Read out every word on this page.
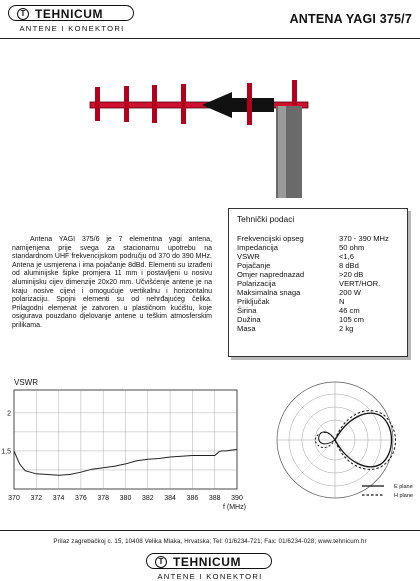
T TEHNICUM
ANTENE I KONEKTORI
ANTENA YAGI 375/7
Antena YAGI 375/6 je 7 elementna yagi antena, namijenjena prije svega za stacionarnu upotrebu na standardnom UHF frekvencijskom području od 370 do 390 MHz. Antena je usmjerena i ima pojačanje 8dBd. Elementi su izrađeni od aluminijske šipke promjera 11 mm i postavljeni u nosivu aluminijsku cijev dimenzije 20x20 mm. Učvišćenje antene je na kraju nosive cijevi i omogućuje vertikalnu i horizontalnu polarizaciju. Spojni elementi su od nehrđajućeg čelika. Prilagodni elemenat je zatvoren u plastičnom kućištu, koje osigurava pouzdano djelovanje antene u teškim atmosferskim prilikama.
Tehnički podaci
Frekvencijski opseg	370 - 390 MHz
Impedancija	50 ohm
VSWR	<1,6
Pojačanje	8 dBd
Omjer naprednazad	>20 dB
Polarizacija	VERT/HOR.
Maksimalna snaga	200 W
Priključak	N
Širina	46 cm
Dužina	105 cm
Masa	2 kg
VSWR
370 372 374 376 378 380 382 384 386 388 390
2
1,5
f (MHz)
E plane
H plane
Prilaz zagrebačkoj c. 15, 10408 Velika Mlaka, Hrvatska; Tel: 01/6234-721; Fax: 01/6234-028; www.tehnicum.hr
T TEHNICUM
ANTENE I KONEKTORI
